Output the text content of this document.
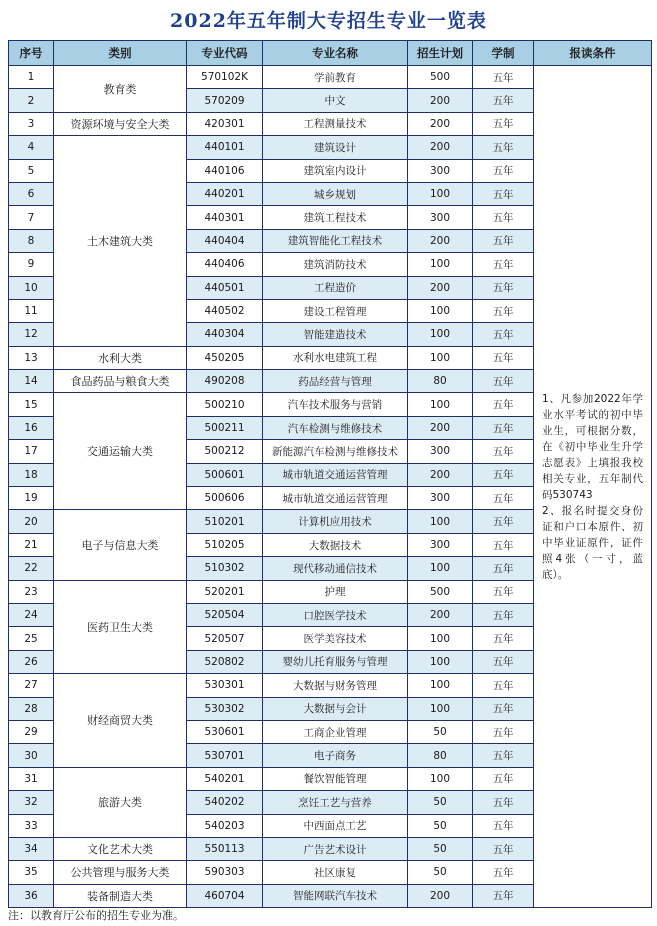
2022年五年制大专招生专业一览表
序号	类别	专业代码	专业名称	招生计划	学制	报读条件
1	教育类	570102K	学前教育	500	五年	1、凡参加2022年学业水平考试的初中毕业生，可根据分数，在《初中毕业生升学志愿表》上填报我校相关专业，五年制代码530743

2、报名时提交身份证和户口本原件、初中毕业证原件，证件照4张（一寸，蓝底）。

2		570209	中文	200	五年	
3	资源环境与安全大类	420301	工程测量技术	200	五年	
4	土木建筑大类	440101	建筑设计	200	五年	
5		440106	建筑室内设计	300	五年	
6		440201	城乡规划	100	五年	
7		440301	建筑工程技术	300	五年	
8		440404	建筑智能化工程技术	200	五年	
9		440406	建筑消防技术	100	五年	
10		440501	工程造价	200	五年	
11		440502	建设工程管理	100	五年	
12		440304	智能建造技术	100	五年	
13	水利大类	450205	水利水电建筑工程	100	五年	
14	食品药品与粮食大类	490208	药品经营与管理	80	五年	
15	交通运输大类	500210	汽车技术服务与营销	100	五年	
16		500211	汽车检测与维修技术	200	五年	
17		500212	新能源汽车检测与维修技术	300	五年	
18		500601	城市轨道交通运营管理	200	五年	
19		500606	城市轨道交通运营管理	300	五年	
20	电子与信息大类	510201	计算机应用技术	100	五年	
21		510205	大数据技术	300	五年	
22		510302	现代移动通信技术	100	五年	
23	医药卫生大类	520201	护理	500	五年	
24		520504	口腔医学技术	200	五年	
25		520507	医学美容技术	100	五年	
26		520802	婴幼儿托育服务与管理	100	五年	
27	财经商贸大类	530301	大数据与财务管理	100	五年	
28		530302	大数据与会计	100	五年	
29		530601	工商企业管理	50	五年	
30		530701	电子商务	80	五年	
31	旅游大类	540201	餐饮智能管理	100	五年	
32		540202	烹饪工艺与营养	50	五年	
33		540203	中西面点工艺	50	五年	
34	文化艺术大类	550113	广告艺术设计	50	五年	
35	公共管理与服务大类	590303	社区康复	50	五年	
36	装备制造大类	460704	智能网联汽车技术	200	五年	
注：以教育厅公布的招生专业为准。
